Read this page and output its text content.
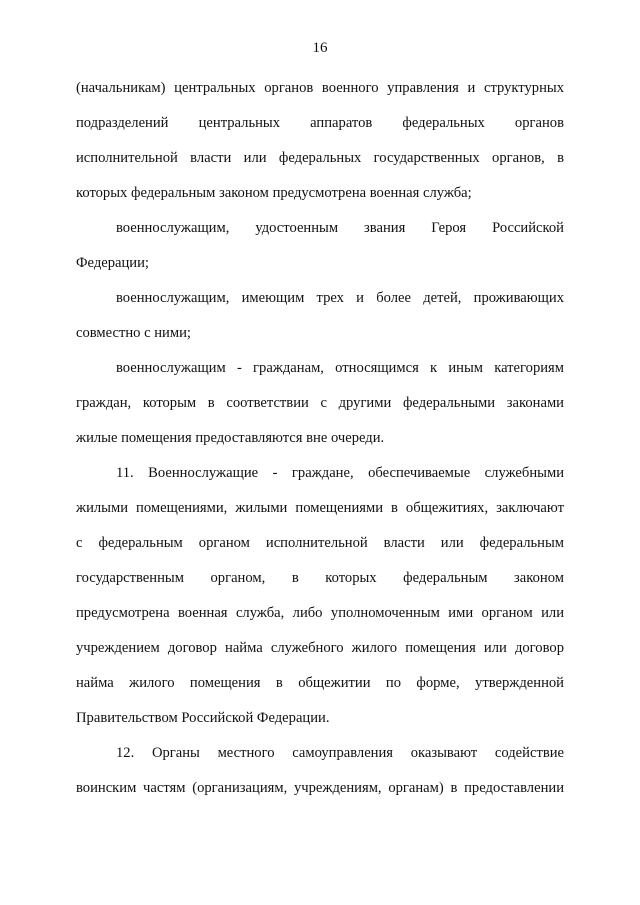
16
(начальникам) центральных органов военного управления и структурных
подразделений центральных аппаратов федеральных органов
исполнительной власти или федеральных государственных органов, в
которых федеральным законом предусмотрена военная служба;
военнослужащим, удостоенным звания Героя Российской
Федерации;
военнослужащим, имеющим трех и более детей, проживающих
совместно с ними;
военнослужащим - гражданам, относящимся к иным категориям
граждан, которым в соответствии с другими федеральными законами
жилые помещения предоставляются вне очереди.
11. Военнослужащие - граждане, обеспечиваемые служебными
жилыми помещениями, жилыми помещениями в общежитиях, заключают
с федеральным органом исполнительной власти или федеральным
государственным органом, в которых федеральным законом
предусмотрена военная служба, либо уполномоченным ими органом или
учреждением договор найма служебного жилого помещения или договор
найма жилого помещения в общежитии по форме, утвержденной
Правительством Российской Федерации.
12. Органы местного самоуправления оказывают содействие
воинским частям (организациям, учреждениям, органам) в предоставлении
